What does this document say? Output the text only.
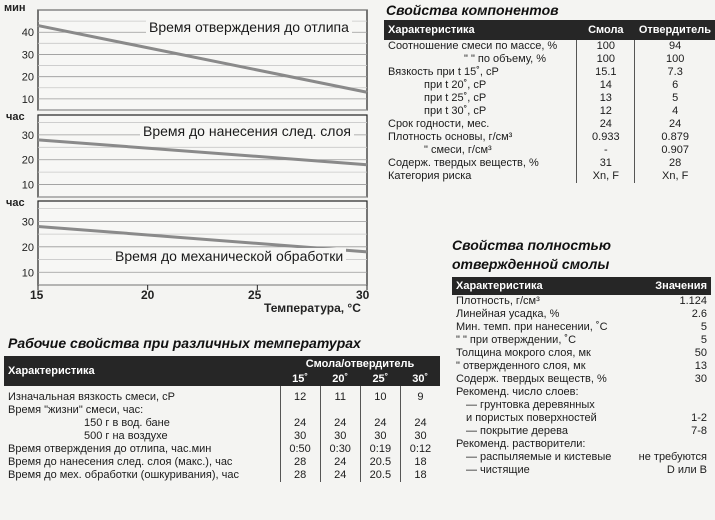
40
30
20
10
30
20
10
30
20
10
мин
час
час
Время отверждения до отлипа
Время до нанесения след. слоя
Время до механической обработки
15	20	25	30
Температура, °C
Свойства компонентов
Характеристика	Смола	Отвердитель
Соотношение смеси по массе, %	100	94
" " по объему, %	100	100
Вязкость при t 15˚, cP	15.1	7.3
при t 20˚, cP	14	6
при t 25˚, cP	13	5
при t 30˚, cP	12	4
Срок годности, мес.	24	24
Плотность основы, г/см³	0.933	0.879
" смеси, г/см³	-	0.907
Содерж. твердых веществ, %	31	28
Категория риска	Xn, F	Xn, F
Свойства полностью
отвержденной смолы
Характеристика	Значения
Плотность, г/см³	1.124
Линейная усадка, %	2.6
Мин. темп. при нанесении, ˚С	5
" " при отверждении, ˚С	5
Толщина мокрого слоя, мк	50
" отвержденного слоя, мк	13
Содерж. твердых веществ, %	30
Рекоменд. число слоев:	
— грунтовка деревянных	
и пористых поверхностей	1-2
— покрытие дерева	7-8
Рекоменд. растворители:	
— распыляемые и кистевые	не требуются
— чистящие	D или В
Рабочие свойства при различных температурах
Характеристика	Смола/отвердитель			
	15˚	20˚	25˚	30˚
Изначальная вязкость смеси, cP	12	11	10	9
Время "жизни" смеси, час:				
150 г в вод. бане	24	24	24	24
500 г на воздухе	30	30	30	30
Время отверждения до отлипа, час.мин	0:50	0:30	0:19	0:12
Время до нанесения след. слоя (макс.), час	28	24	20.5	18
Время до мех. обработки (ошкуривания), час	28	24	20.5	18
